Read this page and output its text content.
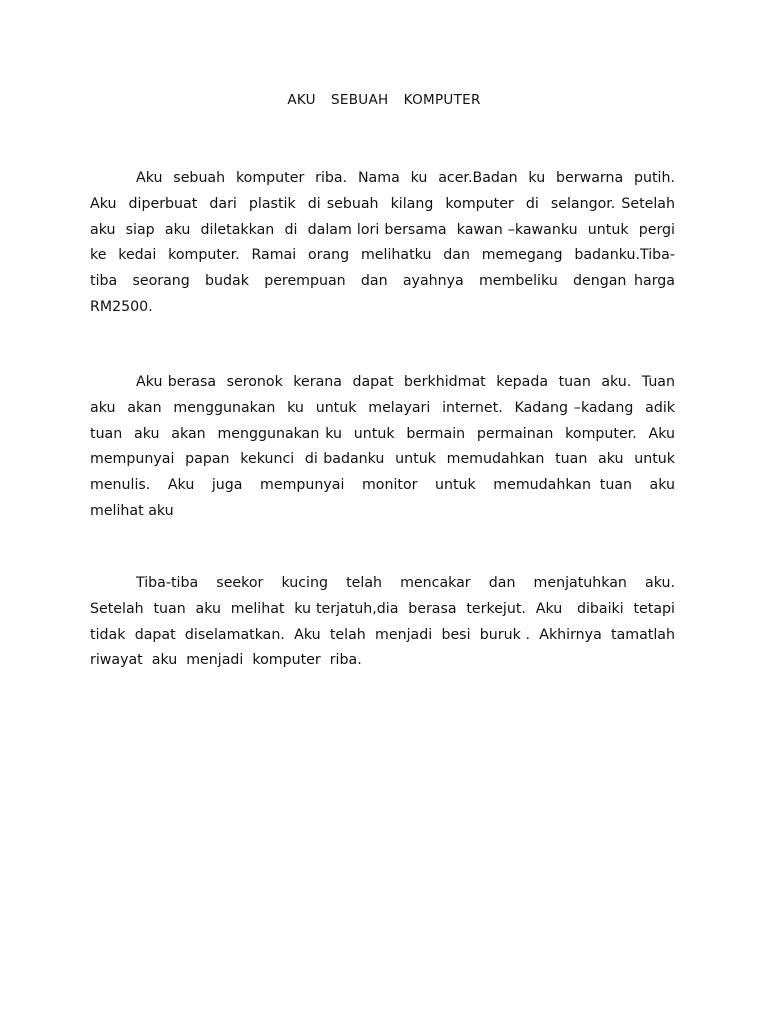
AKU  SEBUAH  KOMPUTER
Aku  sebuah  komputer  riba.  Nama  ku  acer.Badan  ku  berwarna  putih.
Aku  diperbuat  dari  plastik  di sebuah  kilang  komputer  di  selangor. Setelah
aku  siap  aku  diletakkan  di  dalam lori bersama  kawan –kawanku  untuk  pergi
ke  kedai  komputer.  Ramai  orang  melihatku  dan  memegang  badanku.Tiba-
tiba  seorang  budak  perempuan  dan  ayahnya  membeliku  dengan harga
RM2500.
Aku berasa  seronok  kerana  dapat  berkhidmat  kepada  tuan  aku.  Tuan
aku  akan  menggunakan  ku  untuk  melayari  internet.  Kadang –kadang  adik
tuan  aku  akan  menggunakan ku  untuk  bermain  permainan  komputer.  Aku
mempunyai  papan  kekunci  di badanku  untuk  memudahkan  tuan  aku  untuk
menulis.  Aku  juga  mempunyai  monitor  untuk  memudahkan tuan  aku
melihat aku
Tiba-tiba  seekor  kucing  telah  mencakar  dan  menjatuhkan  aku.
Setelah  tuan  aku  melihat  ku terjatuh,dia  berasa  terkejut.  Aku   dibaiki  tetapi
tidak  dapat  diselamatkan.  Aku  telah  menjadi  besi  buruk .  Akhirnya  tamatlah
riwayat  aku  menjadi  komputer  riba.
